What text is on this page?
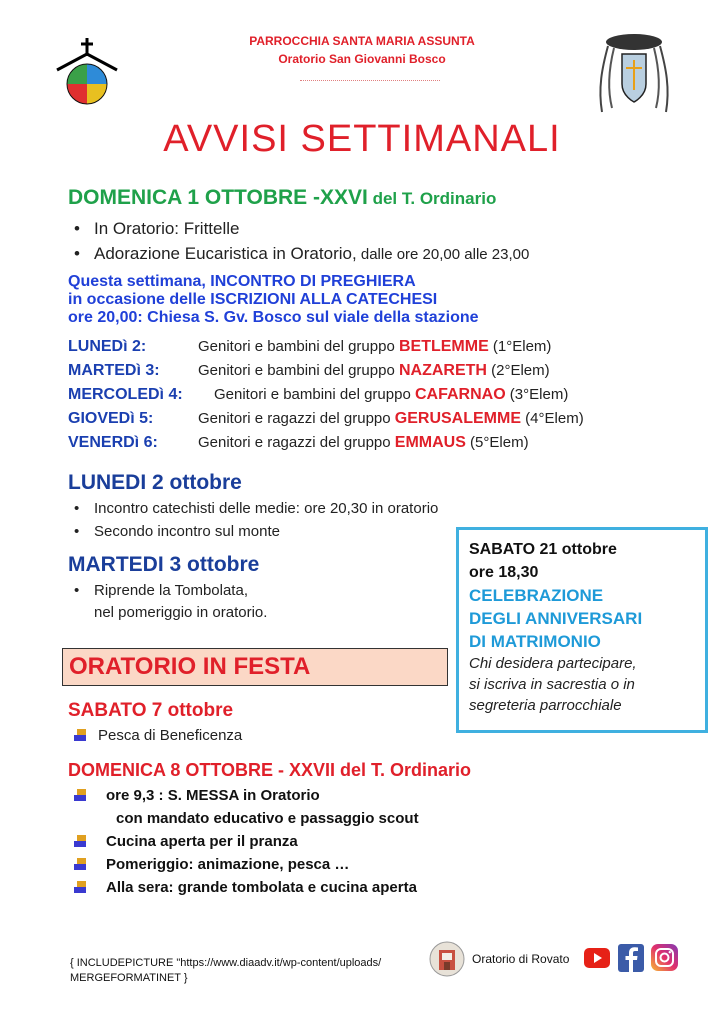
PARROCCHIA SANTA MARIA ASSUNTA
Oratorio San Giovanni Bosco
AVVISI SETTIMANALI
DOMENICA 1 OTTOBRE -XXVI del T. Ordinario
• In Oratorio: Frittelle
• Adorazione Eucaristica in Oratorio, dalle ore 20,00 alle 23,00
Questa settimana, INCONTRO DI PREGHIERA
in occasione delle ISCRIZIONI ALLA CATECHESI
ore 20,00: Chiesa S. Gv. Bosco sul viale della stazione
LUNEDì 2:	Genitori e bambini del gruppo BETLEMME (1°Elem)
MARTEDì 3:	Genitori e bambini del gruppo NAZARETH (2°Elem)
MERCOLEDì 4: Genitori e bambini del gruppo CAFARNAO (3°Elem)
GIOVEDì 5:	Genitori e ragazzi del gruppo GERUSALEMME (4°Elem)
VENERDì 6:	Genitori e ragazzi del gruppo EMMAUS (5°Elem)
LUNEDI 2 ottobre
• Incontro catechisti delle medie: ore 20,30 in oratorio
• Secondo incontro sul monte
MARTEDI 3 ottobre
• Riprende la Tombolata,
nel pomeriggio in oratorio.
SABATO 21 ottobre
ore 18,30
CELEBRAZIONE
DEGLI ANNIVERSARI
DI MATRIMONIO
Chi desidera partecipare,
si iscriva in sacrestia o in
segreteria parrocchiale
ORATORIO IN FESTA
SABATO 7 ottobre
Pesca di Beneficenza
DOMENICA 8 OTTOBRE - XXVII del T. Ordinario
ore 9,3 : S. MESSA in Oratorio
con mandato educativo e passaggio scout
Cucina aperta per il pranza
Pomeriggio: animazione, pesca …
Alla sera: grande tombolata e cucina aperta
{ INCLUDEPICTURE "https://www.diaadv.it/wp-content/uploads/
MERGEFORMATINET }
Oratorio di Rovato
